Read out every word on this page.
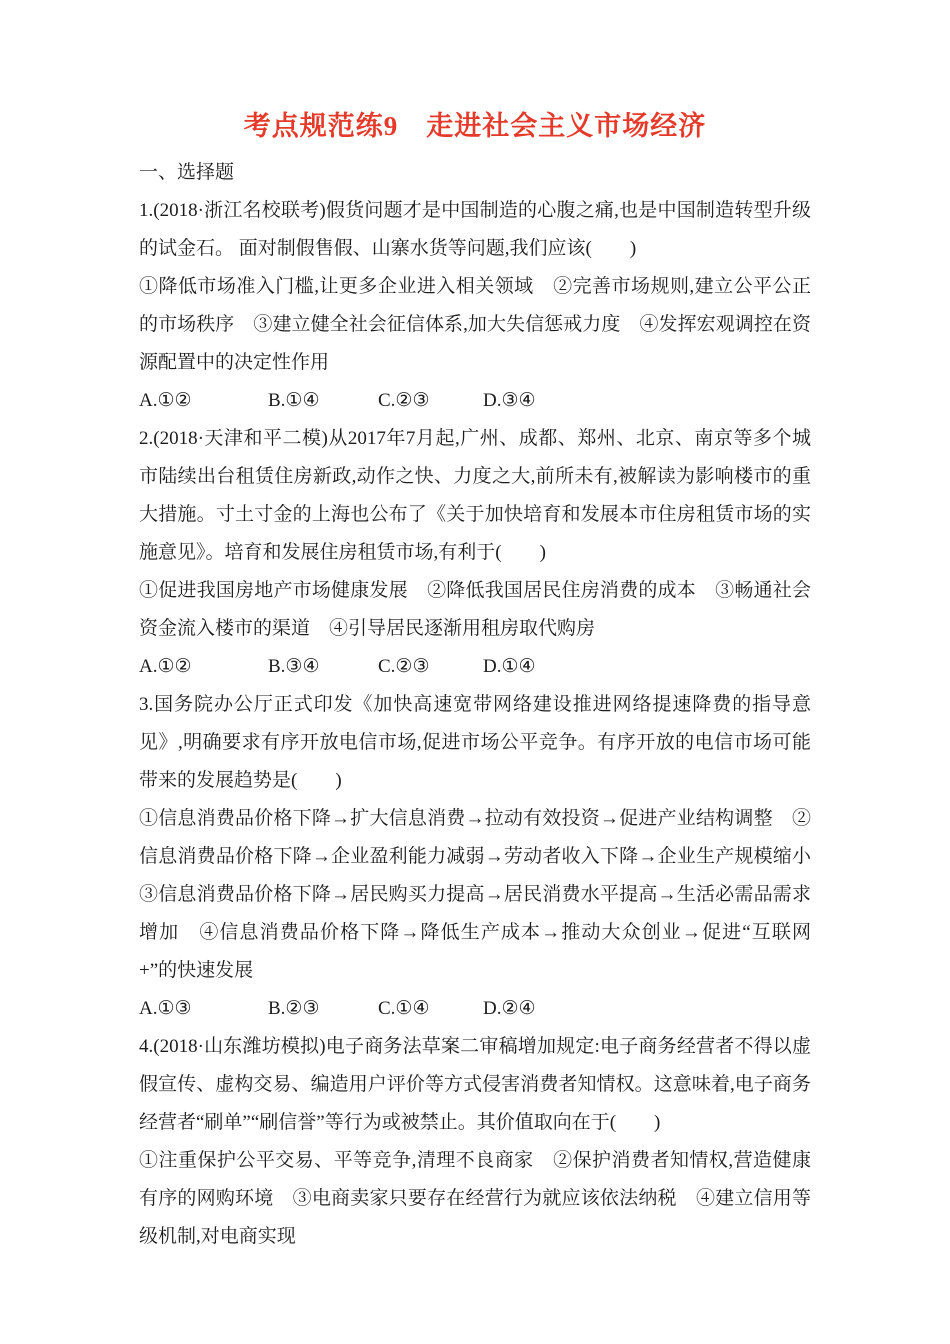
考点规范练9　走进社会主义市场经济
一、选择题

1.(2018·浙江名校联考)假货问题才是中国制造的心腹之痛,也是中国制造转型升级的试金石。 面对制假售假、山寨水货等问题,我们应该(　　)

①降低市场准入门槛,让更多企业进入相关领域　②完善市场规则,建立公平公正的市场秩序　③建立健全社会征信体系,加大失信惩戒力度　④发挥宏观调控在资源配置中的决定性作用

A.①②	B.①④	C.②③	D.③④

2.(2018·天津和平二模)从2017年7月起,广州、成都、郑州、北京、南京等多个城市陆续出台租赁住房新政,动作之快、力度之大,前所未有,被解读为影响楼市的重大措施。寸土寸金的上海也公布了《关于加快培育和发展本市住房租赁市场的实施意见》。培育和发展住房租赁市场,有利于(　　)

①促进我国房地产市场健康发展　②降低我国居民住房消费的成本　③畅通社会资金流入楼市的渠道　④引导居民逐渐用租房取代购房

A.①②	B.③④	C.②③	D.①④

3.国务院办公厅正式印发《加快高速宽带网络建设推进网络提速降费的指导意见》,明确要求有序开放电信市场,促进市场公平竞争。有序开放的电信市场可能带来的发展趋势是(　　)

①信息消费品价格下降→扩大信息消费→拉动有效投资→促进产业结构调整　②信息消费品价格下降→企业盈利能力减弱→劳动者收入下降→企业生产规模缩小　③信息消费品价格下降→居民购买力提高→居民消费水平提高→生活必需品需求增加　④信息消费品价格下降→降低生产成本→推动大众创业→促进“互联网+”的快速发展

A.①③	B.②③	C.①④	D.②④

4.(2018·山东潍坊模拟)电子商务法草案二审稿增加规定:电子商务经营者不得以虚假宣传、虚构交易、编造用户评价等方式侵害消费者知情权。这意味着,电子商务经营者“刷单”“刷信誉”等行为或被禁止。其价值取向在于(　　)

①注重保护公平交易、平等竞争,清理不良商家　②保护消费者知情权,营造健康有序的网购环境　③电商卖家只要存在经营行为就应该依法纳税　④建立信用等级机制,对电商实现
